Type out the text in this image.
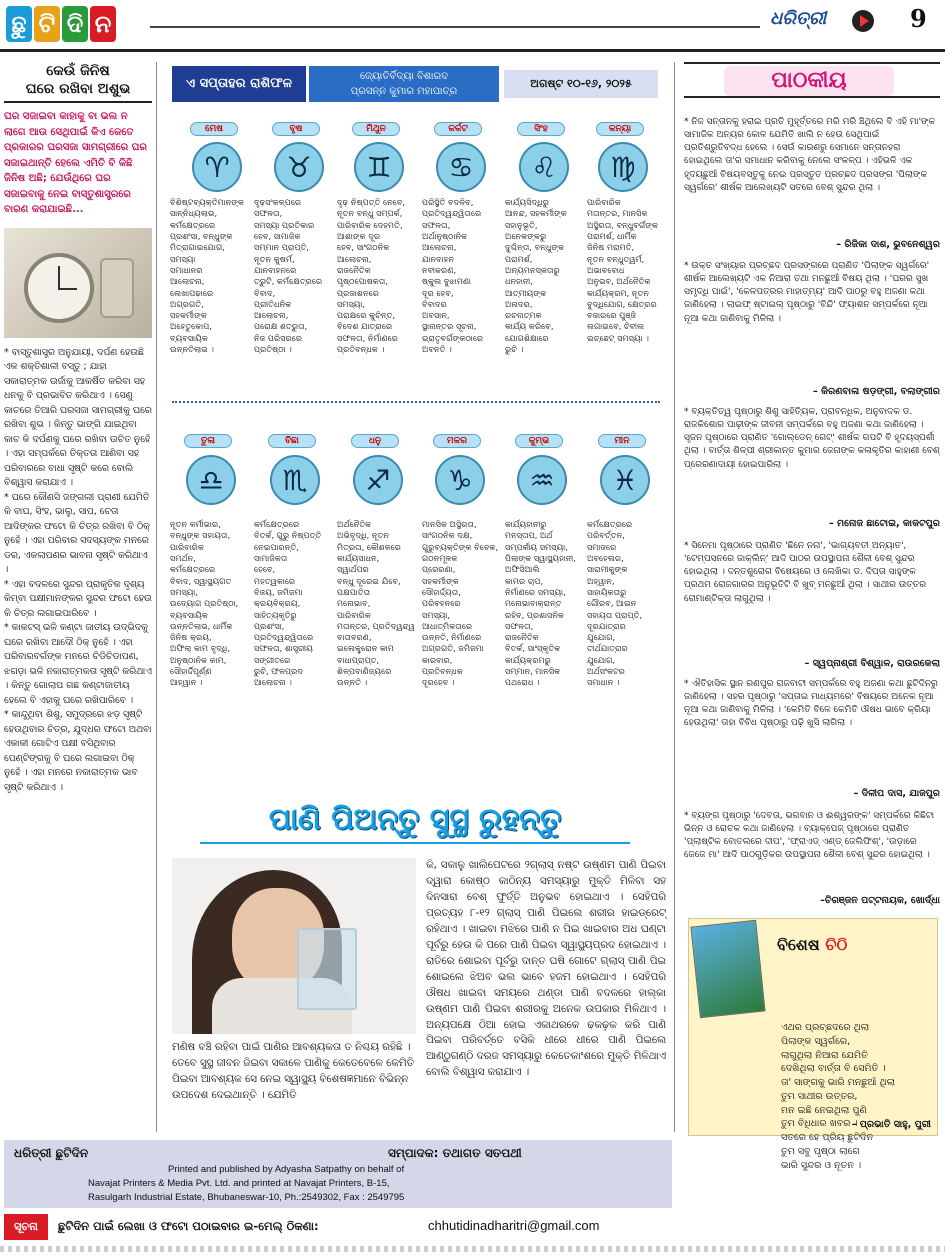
ଛୁ ଟି ଦି ନ	ଧରିତ୍ରୀ	9
କେଉଁ ଜିନିଷ
ଘରେ ରଖିବା ଅଶୁଭ
ଘର ସଜାଇବା କାହାକୁ ବା ଭଲ ନ ଲାଗେ ଆଉ ସେଥିପାଇଁ କିଏ କେତେ ପ୍ରକାରର ଘରସଜା ସାମଗ୍ରୀରେ ଘର ସଜାଇଥାନ୍ତି ହେଲେ ଏମିତି ବି କିଛି ଜିନିଷ ଅଛି; ଯେଉଁଥିରେ ଘର ସଜାଇବାକୁ ନେଇ ବାସ୍ତୁଶାସ୍ତ୍ରରେ ବାରଣ କରାଯାଇଛି...
* ବାସ୍ତୁଶାସ୍ତ୍ର ଅନୁଯାୟୀ, ଦର୍ପଣ ହେଉଛି ଏକ ଶକ୍ତିଶାଳୀ ବସ୍ତୁ ; ଯାହା ସକାରାତ୍ମକ ଉର୍ଜାକୁ ଆକର୍ଷିତ କରିବା ସହ ଧନକୁ ବି ପ୍ରଭାବିତ କରିଥାଏ । ସେଣୁ କାଚରେ ତିଆରି ଘରସଜା ସାମଗ୍ରୀକୁ ଘରେ ରଖିବା ଶୁଭ । କିନ୍ତୁ ଭାଙ୍ଗି ଯାଇଥିବା କାଚ କି ଦର୍ପଣକୁ ଘରେ ରଖିବା ଉଚିତ ନୁହେଁ । ଏହା ସମ୍ପର୍କରେ ତିକ୍ତତା ଆଣିବା ସହ ପରିବାରରେ ବାଧା ସୃଷ୍ଟି କରେ ବୋଲି ବିଶ୍ୱାସ କରାଯାଏ ।
* ଘରେ କୌଣସି ଜଙ୍ଗଲୀ ପ୍ରାଣୀ ଯେମିତି କି ବାଘ, ସିଂହ, ଭାଲୁ, ସାପ, ଚେତା ଆଦିଙ୍କର ଫଟୋ କି ଚିତ୍ର ରଖିବା ବି ଠିକ୍ ନୁହେଁ । ଏହା ପରିବାର ସଦସ୍ୟଙ୍କ ମନରେ ଡର, ଏକଲାପଣର ଭାବନା ସୃଷ୍ଟି କରିଥାଏ ।
* ଏହା ବଦଳରେ ସୁନ୍ଦର ପ୍ରାକୃତିକ ଦୃଶ୍ୟ କିମ୍ବା ପକ୍ଷୀମାନଙ୍କର ସୁନ୍ଦର ଫଟୋ ହେଉ କି ଚିତ୍ର ଲଗାଇପାରିବେ ।
* କାକଟସ୍ ଭଳି କଣ୍ଟା ଜାତୀୟ ଉଦ୍ଭିଦକୁ ଘରେ ରଖିବା ଆଦୌ ଠିକ୍ ନୁହେଁ । ଏହା ପରିବାରବର୍ଗଙ୍କ ମନରେ ଚିଡିଚିଡାପଣ, ଝଗଡ଼ା ଭଳି ନକାରାତ୍ମକତା ସୃଷ୍ଟି କରିଥାଏ । କିନ୍ତୁ ଗୋଲାପ ଗଛ କଣ୍ଟାଜାତୀୟ ହେଲେ ବି ଏହାକୁ ଘରେ ରଖିପାରିବେ ।
* କାନ୍ଦୁଥିବା ଶିଶୁ, ସମୁଦ୍ରରେ ଝଡ଼ ସୃଷ୍ଟି ହେଉଥିବାର ଚିତ୍ର, ଯୁଦ୍ଧର ଫଟୋ ଅଥବା ଏକାକୀ ଗୋଟିଏ ପକ୍ଷୀ ବସିଥିବାର ପେଣ୍ଟିଙ୍ଗକୁ ବି ଘରେ ଲଗାଇବା ଠିକ୍ ନୁହେଁ । ଏହା ମନରେ ନକାରାତ୍ମକ ଭାବ ସୃଷ୍ଟି କରିଥାଏ ।
ଏ ସପ୍ତାହର ରାଶିଫଳ	ଜ୍ୟୋତିର୍ବିଦ୍ୟା ବିଶାରଦ
ପ୍ରସନ୍ନ କୁମାର ମହାପାତ୍ର
ଅଗଷ୍ଟ ୧୦-୧୬, ୨୦୨୫
ମେଷ
♈
ବିଶିଷ୍ଟବ୍ୟକ୍ତିମାନଙ୍କ
ସାନ୍ନିଧ୍ୟଲାଭ,
କର୍ମକ୍ଷେତ୍ରରେ
ପ୍ରଶଂସା, ବନ୍ଧୁଙ୍କ
ମିତ୍ରାଗାଇଯୋଗ,
ସମସ୍ୟା
ସମାଧାନର
ଆଲୋଚନା,
ଲେଖାପଢାରେ
ଅଗ୍ରଗତି,
ସହକର୍ମୀଙ୍କ
ଅହେତୁକୋପ,
ବ୍ୟବସାୟିକ
ଉନ୍ନତିଲାଭ ।
ବୃଷ
♉
ଦୃଢ଼ସଂକଳ୍ପରେ
ସଫଳତା,
ସମସ୍ୟା ପ୍ରତିକାର
ହେବ, ସାମାଜିକ
ସମ୍ମାନ ପ୍ରାପ୍ତି,
ନୂତନ କୁଷର୍ମ,
ଯାନବାହନରେ
ତ୍ରୁଟି, କର୍ମକ୍ଷେତ୍ରରେ
ବିବାଦ,
ପ୍ରୀତିଧନିକ
ଆଲୋଚନା,
ପରୋକ୍ଷ ଶତ୍ରୁତା,
ନିଜ ପରିସରରେ
ପ୍ରତିଷ୍ଠା ।
ମିଥୁନ
♊
ଦୃଢ଼ ନିଷ୍ପତ୍ତି ନେବେ,
ନୂତନ ବନ୍ଧୁ ସମ୍ପର୍କ,
ପାରିବାରିକ ଦେହମତି,
ଆଶାଙ୍କ ଦୂର
ହେବ, ସାଂଗଠନିକ
ଆଲୋଚନା,
ରାଜନୈତିକ
ପୃଷ୍ଠପୋଷକତା,
ପ୍ରଜାଶନରେ
ସମସ୍ୟା,
ପରାକ୍ଷରେ କୁଚିନ୍ତ,
ବିଦେଶ ଯାତ୍ରାରେ
ସଫଳତା, ନିର୍ମାଣରେ
ପ୍ରତିବନ୍ଧକ ।
କର୍କଟ
♋
ପରିସ୍ଥିତି ବଦଳିବ,
ପ୍ରତିଦ୍ୱନ୍ଦ୍ୱିତାରେ
ସଫଳତା,
ଅର୍ଥାନୁଷ୍ଠାନିକ
ଆଲୋଚନା,
ଯାନବାହନ
ନବୀକରଣ,
ଷ୍କୁଲ ବୁଝାମଣା
ଦୂର ହେବ,
ବିବାଦର
ଅବସାନ,
ସ୍ଥାନାନ୍ତର ସୂଚନା,
ଭ୍ରାତୃବର୍ଗଙ୍କଠାରେ
ଅବନତି ।
ସିଂହ
♌
କାର୍ଯ୍ୟସିଦ୍ଧିରୁ
ଆନନ୍ଦ, ସହକର୍ମୀଙ୍କ
ସହାନୁଭୂତି,
ଅନେକଙ୍କରୁ
ଦୁଶ୍ଚିନ୍ତା, ବନ୍ଧୁଙ୍କ
ପରାମର୍ଶ,
ଅନ୍ୟମନସ୍କତାରୁ
ଧନହାନୀ,
ଆତ୍ମୀୟଙ୍କ
ଅନାଦର,
ରଚନାତ୍ମକ
କାର୍ଯ୍ୟ କରିବେ,
ଯୋଗଶିକ୍ଷାରେ
ରୁଚି ।
କନ୍ୟା
♍
ପାରିବାରିକ
ମତାନ୍ତର, ମାନସିକ
ଅସ୍ଥିରତା, ବନ୍ଧୁବର୍ଗଙ୍କ
ପରାମର୍ଶ, ଧାର୍ମିକ
ଜିନିଷ ମରାମତି,
ନୂତନ ବନ୍ଧୁତ୍ୱର୍ମ,
ଅଭାବବୋଧ
ଅନୁଭବ, ଅର୍ଥନୈତିକ
କାର୍ଯ୍ୟକ୍ରମ, ନୂତନ
ବୁଦ୍ଧିଯୋଗ, କ୍ଷେତ୍ରର
ବଜାରରେ ପୁଞ୍ଜି
ଲଗାଇବେ, ଚିବୀଲ
ଇଚ୍ଛେଟ୍ ସମସ୍ୟା ।
ତୁଳା
♎
ନୂତନ କର୍ମୀଭାର,
ବନ୍ଧୁଙ୍କ ସହାୟତା,
ପାରିବାରିକ
ସମର୍ଥନ,
କର୍ମକ୍ଷେତ୍ରରେ
ବିବାଦ, ସ୍ୱାସ୍ଥ୍ୟଗତ
ସମସ୍ୟା,
ଉଦ୍ୟୋଗ ପ୍ରତିଷ୍ଠା,
ବ୍ୟବସାୟିକ
ଉନ୍ନତିଲାଭ, ଧାର୍ମିକ
ଜିନିଷ କ୍ରୟ,
ଅଫିଲ୍ କାମ ବୃଦ୍ଧି,
ଅନୁଷ୍ଠାନିକ କାମ,
ସୌହାର୍ଦ୍ଦିପୂର୍ଣ୍ଣ
ଆହ୍ୱାନ ।
ବିଛା
♏
କର୍ମକ୍ଷେତ୍ରରେ
ବିତର୍କ, ଗୁରୁ ନିଷ୍ପତ୍ତି
ନେଇପାରନ୍ତି,
ସାମାଜିକତା
ହେବେ,
ମହତ୍ୱକାରେ
ବିଜୟ, ଜମିଜମା
କ୍ରୟବିକ୍ରୟ,
ସାହିତ୍ୟକୃତିରୁ
ପ୍ରଶଂସା,
ପ୍ରତିଦ୍ୱନ୍ଦ୍ୱିତାରେ
ସଫଳତା, ଶାସ୍ତ୍ରୀୟ
ସଙ୍ଗୀତରେ
ରୁଚି, ଫଳପ୍ରଦ
ଆଲୋଚନା ।
ଧନୁ
♐
ଅର୍ଥନୈତିକ
ଅଭିବୃଦ୍ଧି, ନୂତନ
ମିତ୍ରତା, କୌଶଳରେ
କାର୍ଯ୍ୟସାଧନ,
ସ୍ୱାର୍ଥପର
ବନ୍ଧୁ ଦୂରେଇ ଯିବେ,
ପକ୍ଷପାତିତା
ମନୋଭାବ,
ପାରିବାରିକ
ମତାନ୍ତର, ପ୍ରତିଦ୍ୱନ୍ଦ୍ୱ
ବାତାବରଣ,
ଇଲେକ୍ଟ୍ରୋନ କାମ
ବାଧାପ୍ରାପ୍ତ,
ଶିଳ୍ପବାଣିଜ୍ୟରେ
ଉନ୍ନତି ।
ମକର
♑
ମାନସିକ ଅସ୍ଥିରତା,
ସାଂଗଠନିକ ଦକ୍ଷ,
ଗୁରୁବ୍ୟକ୍ତିଙ୍କ ବିବେକ,
ଗଠନମୂଳକ
ପ୍ରେରଣା,
ସହକର୍ମୀଙ୍କ
ସୌହାର୍ଦ୍ଦ୍ୟତା,
ପରିବହନରେ
ସମସ୍ୟା,
ଆଧାତ୍ମିକତାରେ
ଉନ୍ନତି, ନିର୍ମାଣରେ
ଅଗ୍ରଗତି, ଜମିଜମା
କାରବାର,
ପ୍ରତିବନ୍ଧକ
ଦୂରହେବ ।
କୁମ୍ଭ
♒
କାର୍ଯ୍ୟହାନୀରୁ
ମନସ୍ତାପ, ଅର୍ଥ
ସମ୍ପର୍କୀୟ ସମସ୍ୟା,
ପିଲାଙ୍କ ସ୍ୱାସ୍ଥ୍ୟହାନୀ,
ଅଫିସିଆଲି
କାମର ଚାପ,
ନିର୍ମାଣରେ ସମସ୍ୟା,
ମନୋଭାବାକ୍ରାନ୍ତ
ରହିବ, ପ୍ରଶାସନିକ
ସଫଳତା,
ରାଜନୈତିକ
ବିତର୍କ, ସାଂସ୍କୃତିକ
କାର୍ଯ୍ୟକ୍ରମରୁ
ସମ୍ମାନ, ମାନସିକ
ପଥରୋଧ ।
ମୀନ
♓
କର୍ମକ୍ଷେତ୍ରରେ
ପରିବର୍ତ୍ତନ,
ସମାଜରେ
ଅବହେଳାର,
ସାରାମୀକୁଙ୍କ
ଅହ୍ୱାନ,
ସାହାୟିକତାରୁ
ଗୌରବ, ଆଇନ
ସହାୟତା ପ୍ରାପ୍ତି,
ଦୂରଯାତ୍ରାର
ଯୁଯୋଗ,
ତୀର୍ଥଯାତ୍ରାର
ଯୁଯୋଗ,
ଅର୍ଥସଂକଟର
ସମାଧାନ ।
ପାଣି ପିଅନ୍ତୁ ସୁସ୍ଥ ରୁହନ୍ତୁ
ମଣିଷ ବଞ୍ଚି ରହିବା ପାଇଁ ପାଣିର ଆବଶ୍ୟକତା ତ ନିଶ୍ଚୟ ରହିଛି । ତେବେ ସୁସ୍ଥ ଜୀବନ ଜିଇବା ସକାଳେ ପାଣିକୁ କେତେବେଳେ କେମିତି ପିଇବା ଆବଶ୍ୟକ ସେ ନେଇ ସ୍ୱାସ୍ଥ୍ୟ ବିଶେଷଜ୍ଞମାନେ ବିଭିନ୍ନ ଉପଦେଶ ଦେଇଥାନ୍ତି । ଯେମିତି
କି, ସକାଳୁ ଖାଲିପେଟରେ ୨ଗ୍ଲାସ୍ ନଷ୍ଟ ଉଷ୍ଣମ ପାଣି ପିଇବା ଦ୍ୱାରା କୋଷ୍ଠ କାଠିନ୍ୟ ସମସ୍ୟାରୁ ମୁକ୍ତି ମିଳିବା ସହ ଦିନସାରା ବେଶ୍ ଫୁର୍ତ୍ତି ଅନୁଭବ ହୋଇଥାଏ । ସେହିପରି ପ୍ରତ୍ୟହ ୮-୧୨ ଗ୍ଲାସ୍ ପାଣି ପିଇଲେ ଶରୀର ହାଇଡ୍ରେଟ୍ ରହିଥାଏ । ଖାଇବା ମଝିରେ ପାଣି ନ ପିଇ ଖାଇବାର ଅଧ ଘଣ୍ଟା ପୂର୍ବରୁ ହେଉ କି ପରେ ପାଣି ପିଇବା ସ୍ୱାସ୍ଥ୍ୟପ୍ରଦ ହୋଇଥାଏ । ରାତିରେ ଶୋଇବା ପୂର୍ବରୁ ଦାନ୍ତ ଘଷି ଗୋଟେ ଗ୍ଲାସ୍ ପାଣି ପିଇ ଶୋଇଲେ ଝିଅବ ଭଲ ଭାବେ ହଜମ ହୋଇଥାଏ । ସେହିପରି ଔଷଧ ଖାଇବା ସମୟରେ ଥଣ୍ଡା ପାଣି ବଦଳରେ ହାଲ୍କା ଉଷ୍ଣମ ପାଣି ପିଇବା ଶରୀରକୁ ଅନେକ ଉପକାର ମିଳିଥାଏ । ଅନ୍ୟପକ୍ଷେ ଠିଆ ହୋଇ ଏକାଥରକେ ଢକଢ଼କ କରି ପାଣି ପିଇବା ପରିବର୍ତ୍ତେ ବସିକି ଧୀରେ ଧୀରେ ପାଣି ପିଇଲେ ଆଣ୍ଠୁଗଣ୍ଠି ଦରଜ ସମସ୍ୟାରୁ କେତେକାଂଶରେ ମୁକ୍ତି ମିଳିଥାଏ ବୋଲି ବିଶ୍ୱାସ କରାଯାଏ ।
ପାଠକୀୟ
* ନିଜ ସନ୍ତାନକୁ ହରାଇ ପ୍ରତି ମୁହୂର୍ତ୍ତରେ ମରି ମରି ଞ୍ଚିଥିଲେ ବି ଏହି ମା'ଙ୍କ ସାମାଜିକ ଅନ୍ୟର କୋଳ ଯେମିତି ଖାଲି ନ ହେଉ ସେଥିପାଇଁ ପ୍ରତିଶ୍ରୁତିବଦ୍ଧ ହେଲେ । ସେଉଁ କାରଣରୁ ସେମାନେ ସନ୍ତାନହରା ହୋଇଥିଲେ ତା'ର ସମାଧାନ କରିବାକୁ ନେଲେ ସଂକଳ୍ପ । ଏହିଭଳି ଏକ ହୃଦୟଛୁଆଁ ବିଷୟବସ୍ତୁକୁ ନେଇ ପ୍ରସ୍ତୁତ ପ୍ରଚ୍ଛଦ ପ୍ରସଙ୍ଗ 'ପିଲାଙ୍କ ସ୍ୱର୍ଗରେ' ଶୀର୍ଷକ ଆଲେଖ୍ୟଟି ସତରେ ବେଶ୍ ସୁନ୍ଦର ଥିଲା ।
– ରିଜିକା ଦାଶ, ଭୁବନେଶ୍ୱର
* ଉକ୍ତ ସଂଖ୍ୟାର ପ୍ରଚ୍ଛଦ ପ୍ରସଙ୍ଗରେ ପ୍ରାଣିତ 'ପିଲାଙ୍କ ସ୍ୱର୍ଗରେ' ଶୀର୍ଷକ ଆଲେଖ୍ୟଟି ଏକ ନିଆରା ତଥା ମନଛୁଆଁ ବିଷୟ ଥିଲା । 'ଘରର ସୁଖ ସମୃଦ୍ଧି ପାଇଁ', 'କେଳପତ୍ରର ମାହାତ୍ମ୍ୟ' ଆଦି ପାଠରୁ ବହୁ ଅଜଣା କଥା ଜାଣିହେଲା । ଲାଇଫ୍ ଷ୍ଟାଇଲ୍ ପୃଷ୍ଠାରୁ 'ବିନ୍ଦି' ଫ୍ୟାଶନ ସମ୍ପର୍କରେ ନୂଆ ନୂଆ କଥା ଜାଣିବାକୁ ମିଳିଲା ।
– କିରଣବାଳା ଷଡ଼ଙ୍ଗୀ, ବଲାଙ୍ଗୀର
* ବ୍ୟକ୍ତିତ୍ୱ ପୃଷ୍ଠାରୁ ଶିଶୁ ସାହିତ୍ୟିକ, ପ୍ରାବନ୍ଧିକ, ଅନୁବାଦକ ଡ. ରାଜକିଶୋର ପାଢ଼ୀଙ୍କ ଜୀବନୀ ସମ୍ପର୍କରେ ବହୁ ଅଜଣା କଥା ଜାଣିହେଲା । ସୃଜନ ପୃଷ୍ଠାରେ ପ୍ରାଣିତ 'ଗୋଲ୍‌ଡେନ୍ ଗେଟ୍' ଶୀର୍ଷକ ଗପଟି ବି ହୃଦୟସ୍ପର୍ଶୀ ଥିଲା । ବାର୍ତ୍ତା ଶିଳ୍ପୀ ଶ୍ରୀକାନ୍ତ କୁମାର ଜେନାଙ୍କ କଳାକୃତିର କାହାଣୀ ବେଶ୍ ପ୍ରେରଣାଦାୟୀ ହୋଇପାରିଲା ।
– ମନୋଜ ଛାଟୋଇ, କାକଟପୁର
* ସିନେମା ପୃଷ୍ଠାରେ ପ୍ରାଣିତ 'ଛିନେ ନନା', 'ଭାଗ୍ୟବତୀ ଅନ୍ୟାତ', 'ଟେମ୍ପସନରେ ଜାକ୍‌ଲିନ୍' ଆଦି ପାଠର ଉପସ୍ଥାପନା ଶୈଳୀ ବେଶ୍ ସୁନ୍ଦର ହୋଇଥିଲା । ଦନ୍ତଶୁରୋଗ ବିଷେୟରେ ଓ ଲେଖିକା ଡ. ଦିପ୍ତା ସାହୁଙ୍କ ପ୍ରଥମ ରୋଜଗାରର ଅନୁଭୂତିଟି ବି ଖୁବ୍ ମନଛୁଆଁ ଥିଲା । ସାଥୀର ଉତ୍ତର ରୋମାଣ୍ଟିକ୍‌ତା ଲାଗୁଥିଲା ।
– ସ୍ୱପ୍ନାଶ୍ରୀ ବିଶ୍ୱାଳ, ରାଉରକେଲା
* ଐତିହାସିକ ସ୍ଥାନ ରଣପୁର ରାଜବାଟୀ ସମ୍ପର୍କରେ ବହୁ ଅଜଣା କଥା ଛୁଟିଦିନରୁ ଜାଣିହେଲା । ସହର ପୃଷ୍ଠାରୁ 'ସପ୍ତାଇ ମାଧ୍ୟମରେ' ବିଷୟରେ ଅନେକ ନୂଆ ନୂଆ କଥା ଜାଣିବାକୁ ମିଳିଲା । 'କେମିତି ବିଳେ କେମିତି ଔଷଧ ଭାବେ କ୍ରିୟା ହେଉଥିଲା' ତାହା ବିବିଧ ପୃଷ୍ଠାରୁ ପଢ଼ି ଖୁସି ଲାଗିଲା ।
– ଦିଳୀପ ଦାସ, ଯାଜପୁର
* ବ୍ୟଙ୍ଗ ପୃଷ୍ଠାରୁ 'ଦେବତା, ଭଗବାନ ଓ ଈଶ୍ୱରଙ୍କ' ସମ୍ପର୍କରେ କିଛିଟା ଭିନ୍ନ ଓ ରୋଚକ କଥା ଜାଣିହେଲା । ବ୍ୟାକ୍‌ପେଜ୍ ପୃଷ୍ଠାରେ ପ୍ରାଣିତ 'ପ୍ଲାଷ୍ଟିକ ବୋତଲରେ ଦୀପ', 'ଫ୍ରାଏଡ୍ ଏଣ୍ଡ୍ ଜେଲିଫିଶ୍', 'ଉଡ଼ାରେ ଜେଜେ ମା' ଆଦି ପାଠଗୁଡ଼ିକର ଉପସ୍ଥାପନା ଶୈଳୀ ବେଶ୍ ସୁନ୍ଦର ହୋଇଥିଲା ।
–ଚିରଞ୍ଜନ ପଟ୍ଟନାୟକ, ଖୋର୍ଦ୍ଧା
ବିଶେଷ ଚିଠି
ଏଥର ପ୍ରଚ୍ଛଦରେ ଥିଲା
ପିଲାଙ୍କ ସ୍ୱର୍ଗରେ,
ଲାଗୁଥିଲା ନିଆରା ଯେମିତି
ଦେଖିଥିଲା ବାର୍ତ୍ତା ବି ସେମିତି ।
ତା' ସାଙ୍ଗକୁ ଭାରି ମନଛୁଆଁ ଥିଲା
ତୁମ ସାଥୀର ଉତ୍ତର,
ମନ ଇଛି ନେଇଥିଲା ପୁଣି
ତୁମ ବିଧିଧାର ଖବର ।
ସତରେ ହେ ପ୍ରିୟ ଛୁଟିଦିନ
ତୁମ ସବୁ ପୃଷ୍ଠା ଲାଗେ
ଭାରି ସୁନ୍ଦର ଓ ନୂତନ ।
– ପ୍ରଭାତି ସାହୁ, ପୁରୀ
ଧରିତ୍ରୀ ଛୁଟିଦିନ	ସମ୍ପାଦକ: ତଥାଗତ ସତପଥୀ
Printed and published by Adyasha Satpathy on behalf of
Navajat Printers & Media Pvt. Ltd. and printed at Navajat Printers, B-15,
Rasulgarh Industrial Estate, Bhubaneswar-10, Ph.:2549302, Fax : 2549795
ସୂଚନା	ଛୁଟିଦିନ ପାଇଁ ଲେଖା ଓ ଫଟୋ ପଠାଇବାର ଇ-ମେଲ୍ ଠିକଣା:	chhutidinadharitri@gmail.com
